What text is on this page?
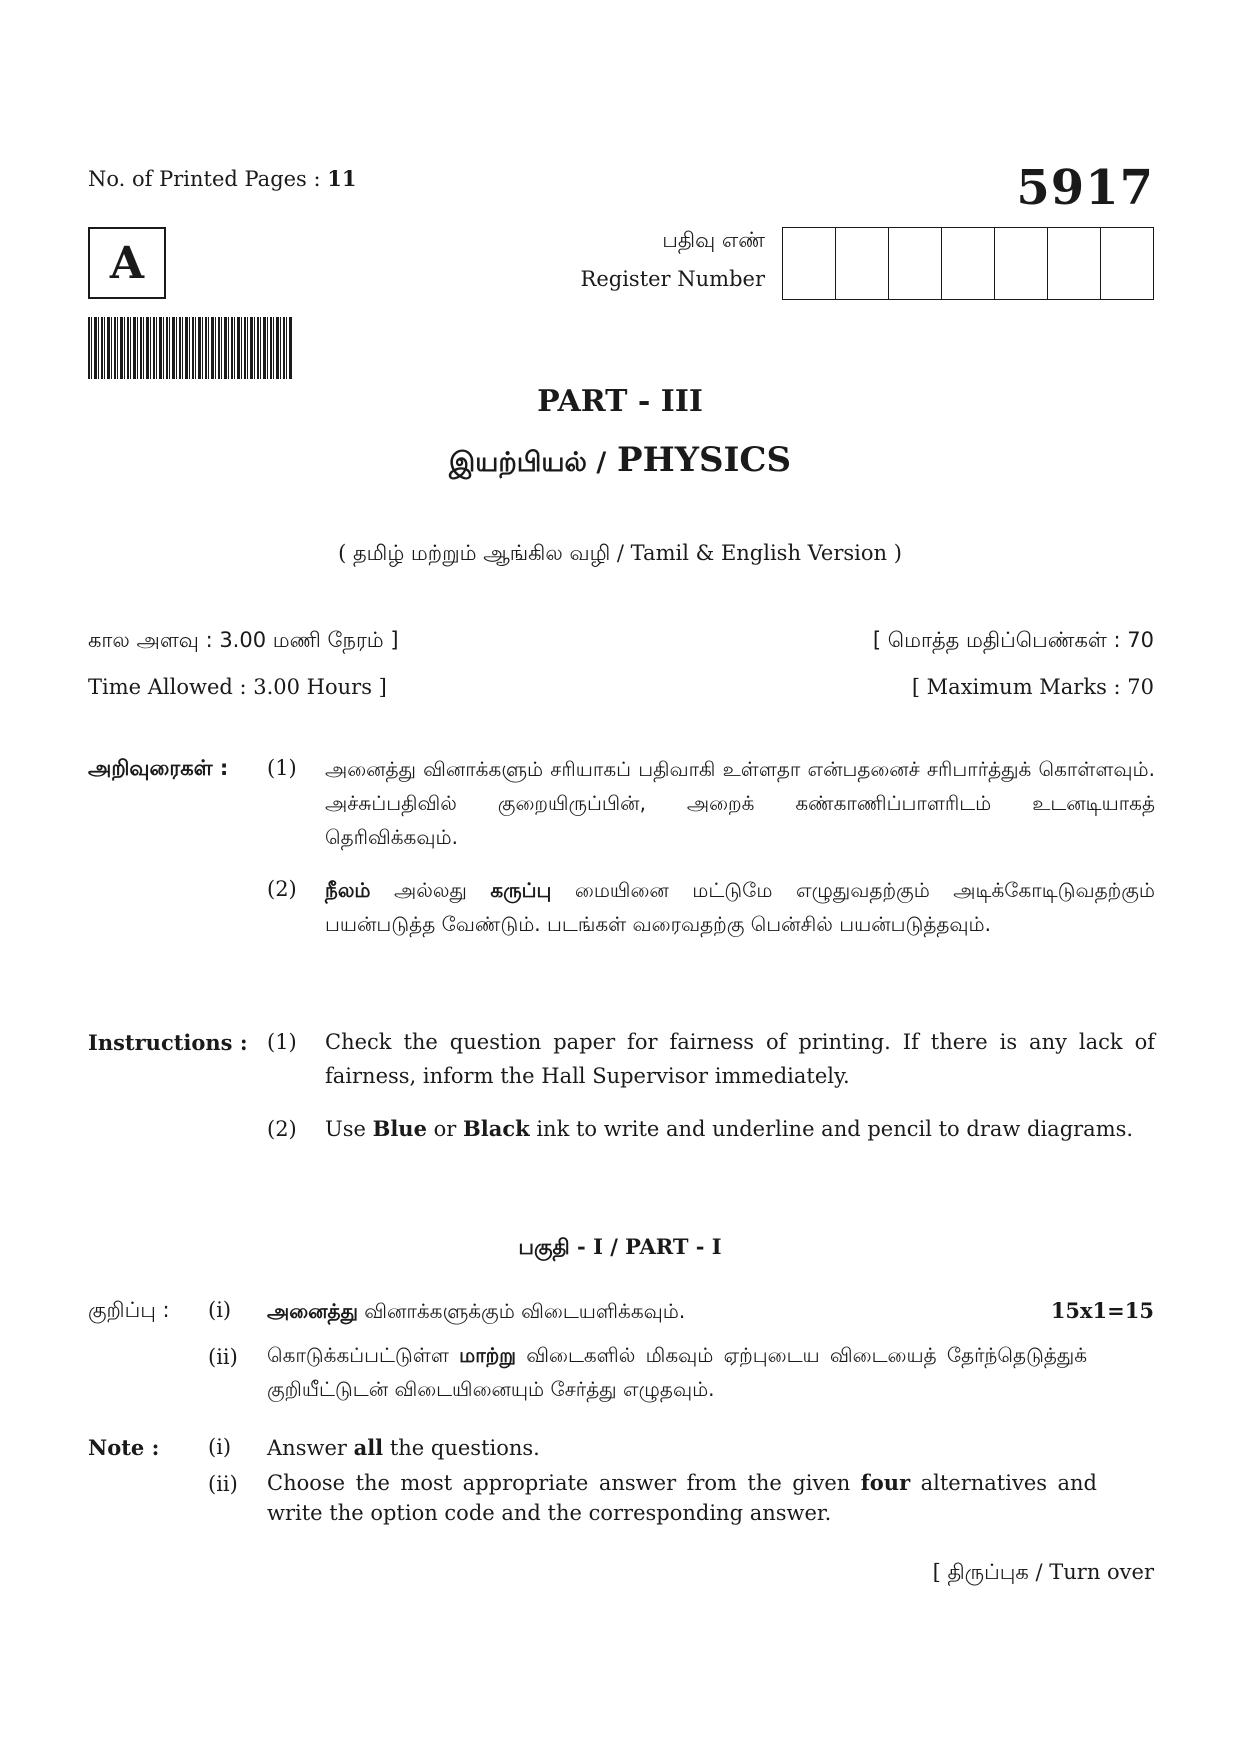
No. of Printed Pages : 11	5917
A	பதிவு எண்
Register Number
PART - III
இயற்பியல் / PHYSICS
( தமிழ் மற்றும் ஆங்கில வழி / Tamil & English Version )
கால அளவு : 3.00 மணி நேரம் ]	[ மொத்த மதிப்பெண்கள் : 70
Time Allowed : 3.00 Hours ]	[ Maximum Marks : 70
அறிவுரைகள் : (1) அனைத்து வினாக்களும் சரியாகப் பதிவாகி உள்ளதா என்பதனைச் சரிபார்த்துக் கொள்ளவும். அச்சுப்பதிவில் குறையிருப்பின், அறைக் கண்காணிப்பாளரிடம் உடனடியாகத் தெரிவிக்கவும்.
(2) நீலம் அல்லது கருப்பு மையினை மட்டுமே எழுதுவதற்கும் அடிக்கோடிடுவதற்கும் பயன்படுத்த வேண்டும். படங்கள் வரைவதற்கு பென்சில் பயன்படுத்தவும்.
Instructions : (1) Check the question paper for fairness of printing. If there is any lack of fairness, inform the Hall Supervisor immediately.
(2) Use Blue or Black ink to write and underline and pencil to draw diagrams.
பகுதி - I / PART - I
குறிப்பு : (i) அனைத்து வினாக்களுக்கும் விடையளிக்கவும்.	15x1=15
(ii) கொடுக்கப்பட்டுள்ள மாற்று விடைகளில் மிகவும் ஏற்புடைய விடையைத் தேர்ந்தெடுத்துக் குறியீட்டுடன் விடையினையும் சேர்த்து எழுதவும்.
Note : (i) Answer all the questions.
(ii) Choose the most appropriate answer from the given four alternatives and write the option code and the corresponding answer.
[ திருப்புக / Turn over
